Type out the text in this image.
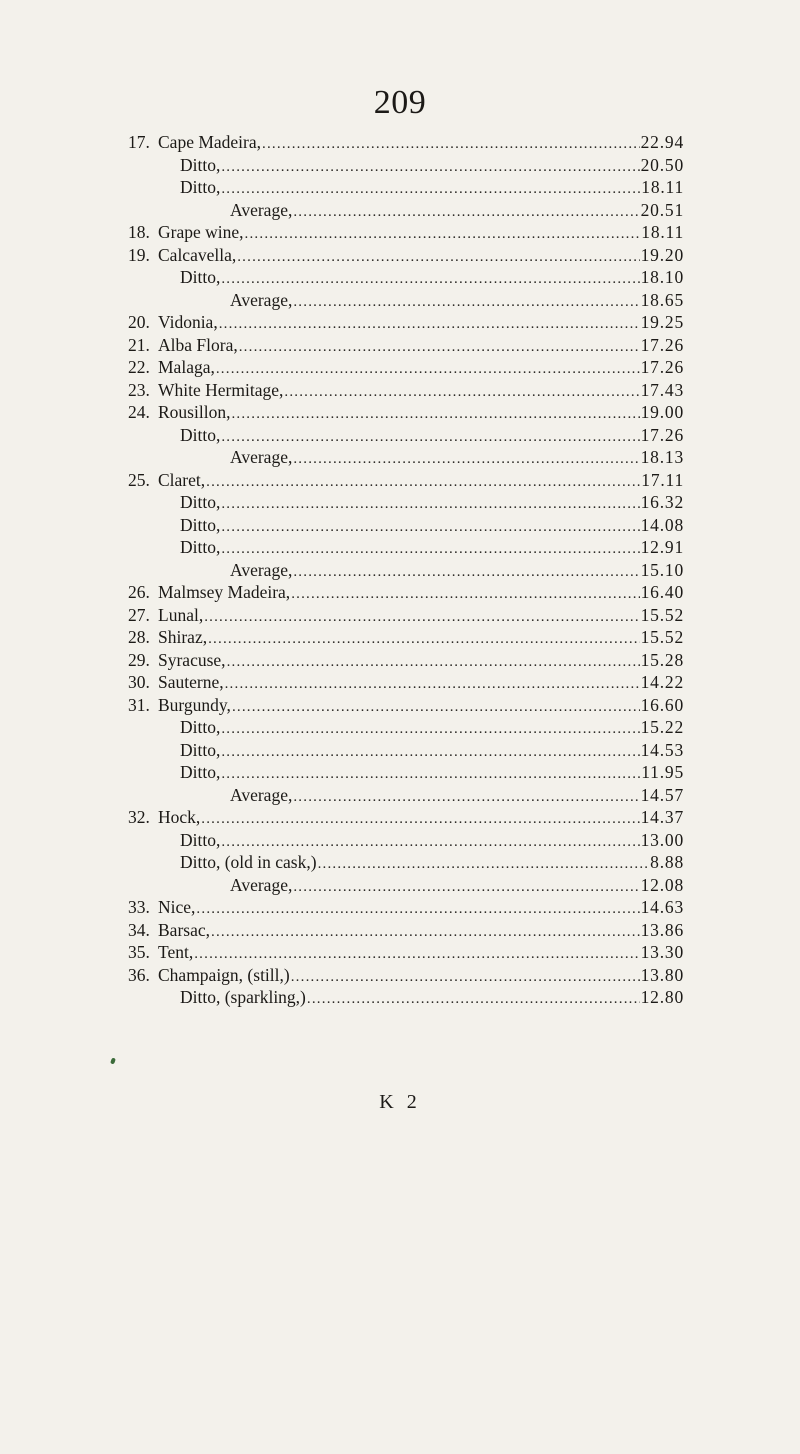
209
17. Cape Madeira, .....	22.94
Ditto, .....	20.50
Ditto, .....	18.11
Average, .....	20.51
18. Grape wine, .....	18.11
19. Calcavella, .....	19.20
Ditto, .....	18.10
Average, .....	18.65
20. Vidonia, .....	19.25
21. Alba Flora, .....	17.26
22. Malaga, .....	17.26
23. White Hermitage, .....	17.43
24. Rousillon, .....	19.00
Ditto, .....	17.26
Average, .....	18.13
25. Claret, .....	17.11
Ditto, .....	16.32
Ditto, .....	14.08
Ditto, .....	12.91
Average, .....	15.10
26. Malmsey Madeira, .....	16.40
27. Lunal, .....	15.52
28. Shiraz, .....	15.52
29. Syracuse, .....	15.28
30. Sauterne, .....	14.22
31. Burgundy, .....	16.60
Ditto, .....	15.22
Ditto, .....	14.53
Ditto, .....	11.95
Average, .....	14.57
32. Hock, .....	14.37
Ditto, .....	13.00
Ditto, (old in cask,) .....	8.88
Average, .....	12.08
33. Nice, .....	14.63
34. Barsac, .....	13.86
35. Tent, .....	13.30
36. Champaign, (still,) .....	13.80
Ditto, (sparkling,) .....	12.80
K 2
